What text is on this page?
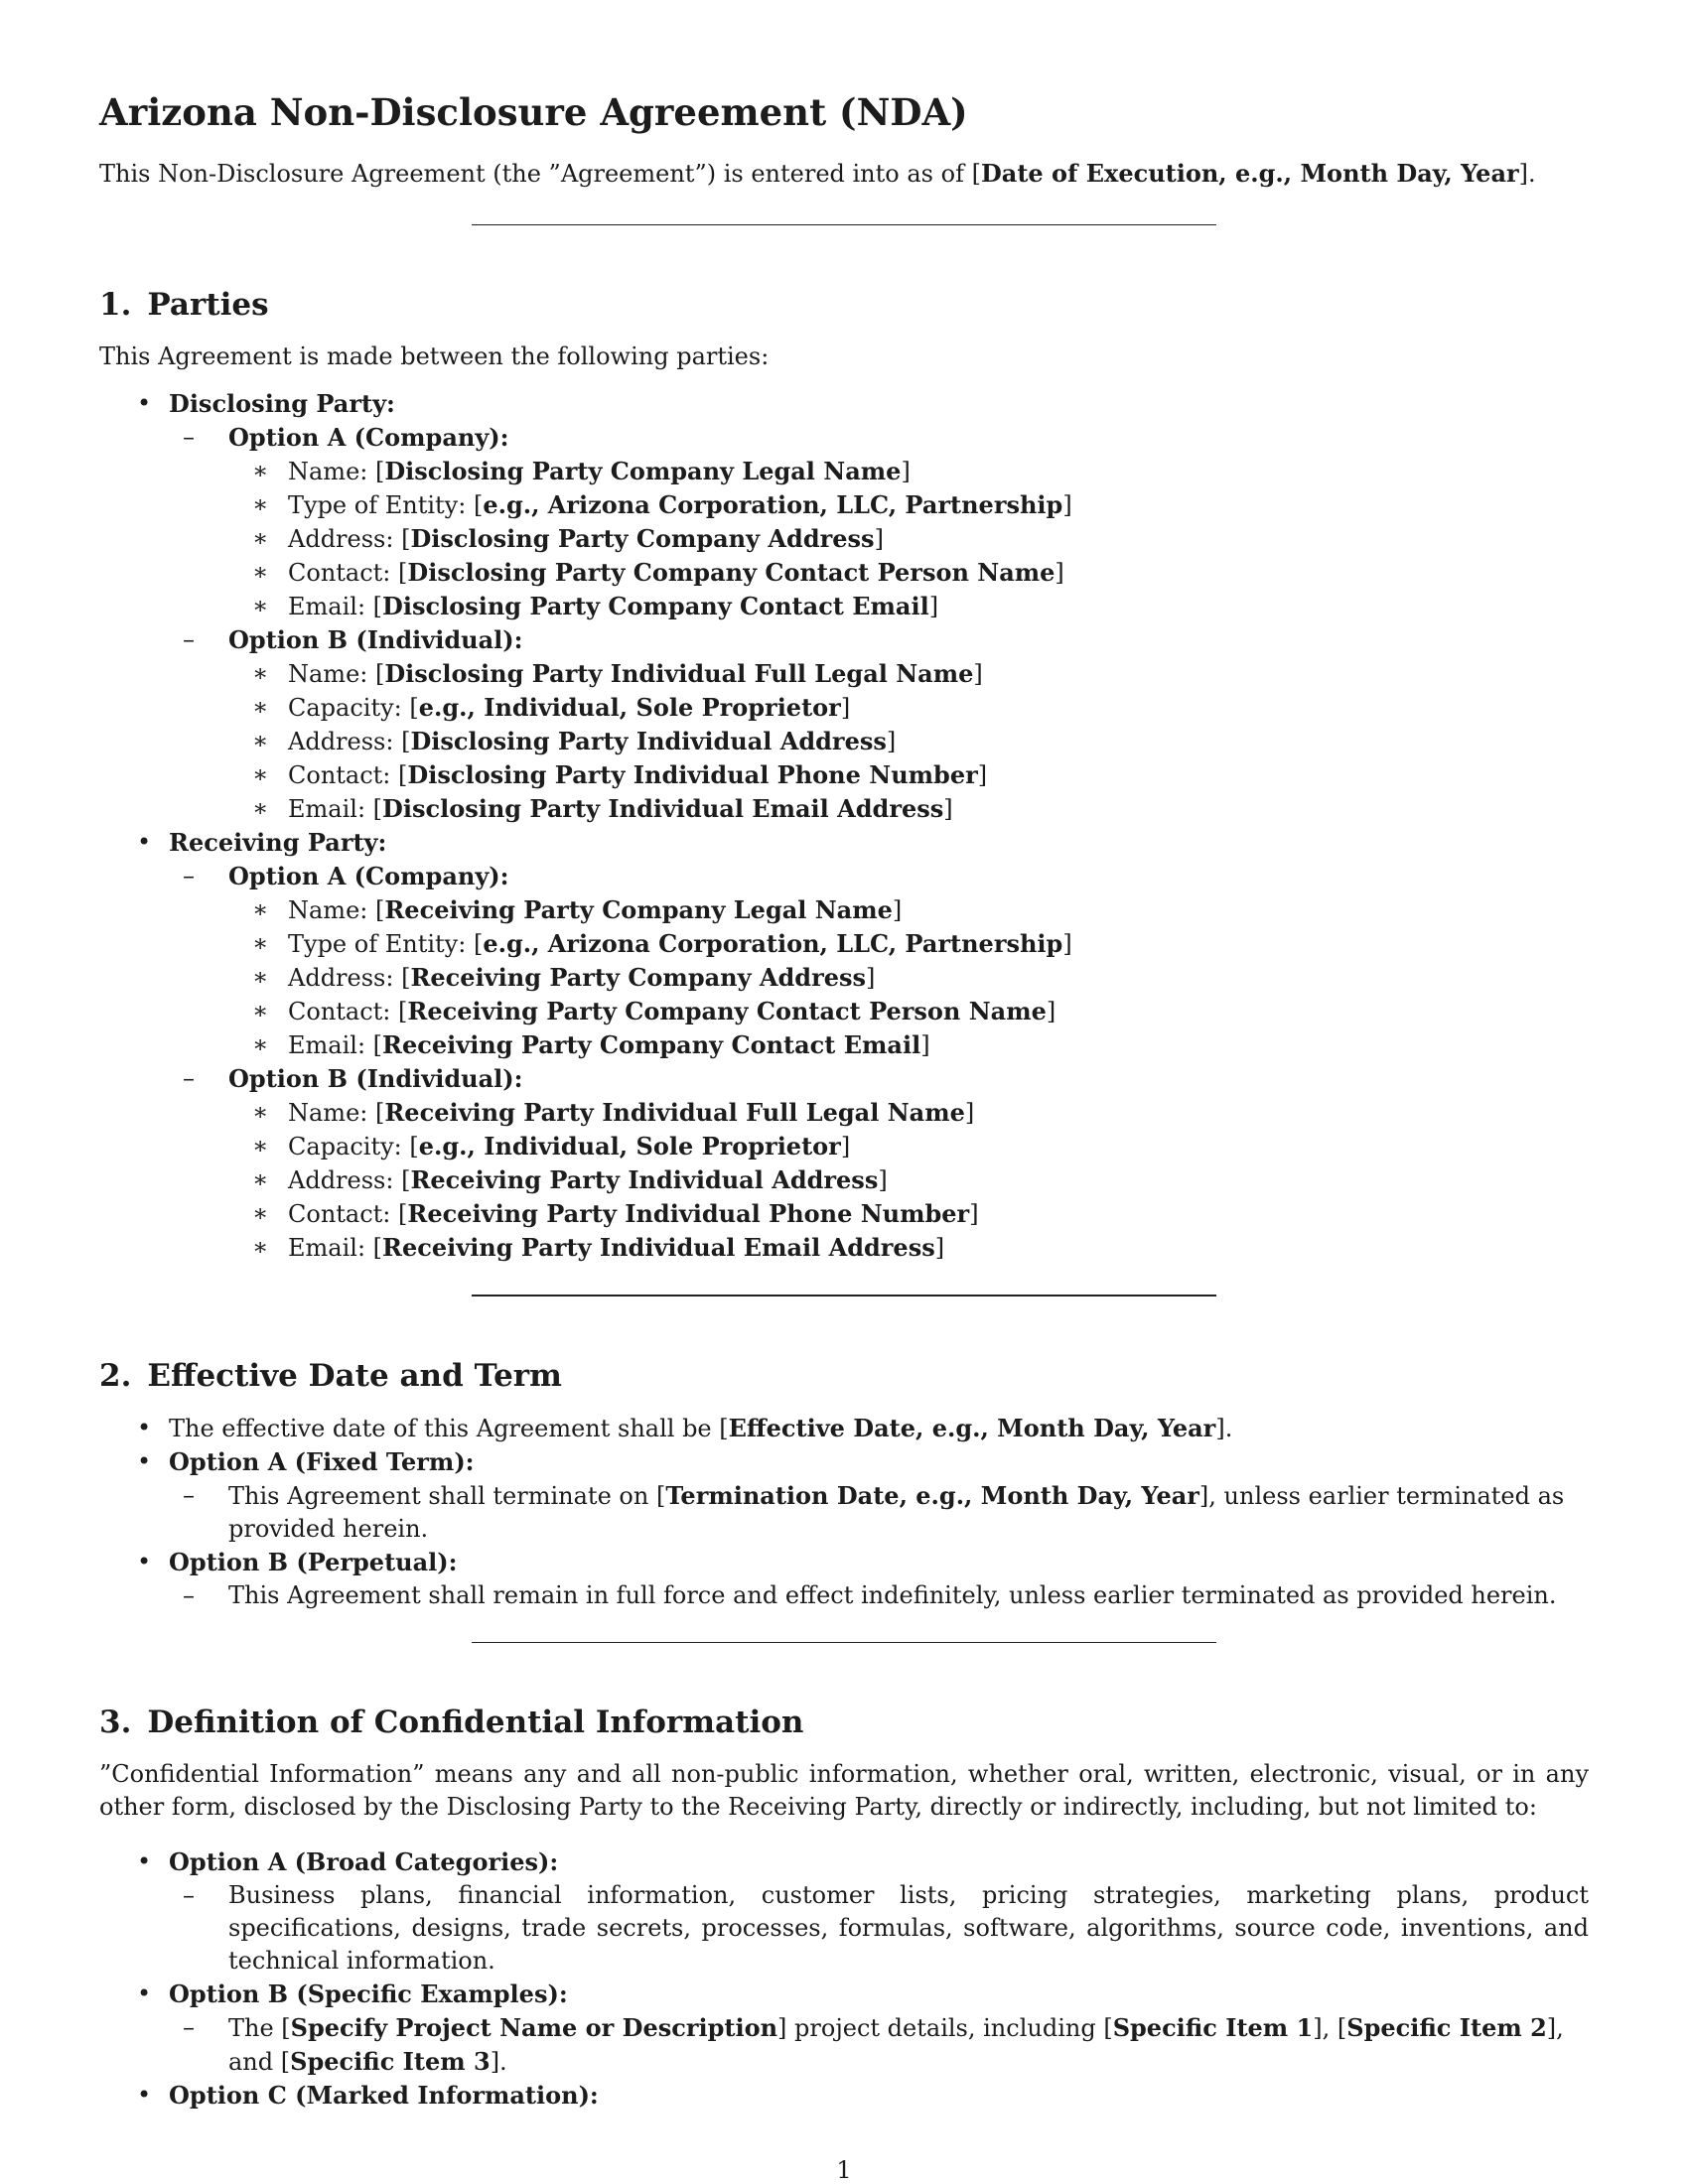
Arizona Non-Disclosure Agreement (NDA)

This Non-Disclosure Agreement (the ”Agreement”) is entered into as of [Date of Execution, e.g., Month Day, Year].

1. Parties

This Agreement is made between the following parties:

• Disclosing Party:
–	Option A (Company):
∗ Name: [Disclosing Party Company Legal Name]
∗ Type of Entity: [e.g., Arizona Corporation, LLC, Partnership]
∗ Address: [Disclosing Party Company Address]
∗ Contact: [Disclosing Party Company Contact Person Name]
∗ Email: [Disclosing Party Company Contact Email]
–	Option B (Individual):
∗ Name: [Disclosing Party Individual Full Legal Name]
∗ Capacity: [e.g., Individual, Sole Proprietor]
∗ Address: [Disclosing Party Individual Address]
∗ Contact: [Disclosing Party Individual Phone Number]
∗ Email: [Disclosing Party Individual Email Address]
• Receiving Party:
–	Option A (Company):
∗ Name: [Receiving Party Company Legal Name]
∗ Type of Entity: [e.g., Arizona Corporation, LLC, Partnership]
∗ Address: [Receiving Party Company Address]
∗ Contact: [Receiving Party Company Contact Person Name]
∗ Email: [Receiving Party Company Contact Email]
–	Option B (Individual):
∗ Name: [Receiving Party Individual Full Legal Name]
∗ Capacity: [e.g., Individual, Sole Proprietor]
∗ Address: [Receiving Party Individual Address]
∗ Contact: [Receiving Party Individual Phone Number]
∗ Email: [Receiving Party Individual Email Address]
2. Effective Date and Term
• The effective date of this Agreement shall be [Effective Date, e.g., Month Day, Year].
• Option A (Fixed Term):
–	This Agreement shall terminate on [Termination Date, e.g., Month Day, Year], unless earlier terminated as provided herein.
• Option B (Perpetual):
–	This Agreement shall remain in full force and effect indefinitely, unless earlier terminated as provided herein.
3. Definition of Confidential Information

”Confidential Information” means any and all non-public information, whether oral, written, electronic, visual, or in any other form, disclosed by the Disclosing Party to the Receiving Party, directly or indirectly, including, but not limited to:

• Option A (Broad Categories):
–	Business plans, financial information, customer lists, pricing strategies, marketing plans, product specifications, designs, trade secrets, processes, formulas, software, algorithms, source code, inventions, and technical information.
• Option B (Specific Examples):
–	The [Specify Project Name or Description] project details, including [Specific Item 1], [Specific Item 2], and [Specific Item 3].
• Option C (Marked Information):
1
